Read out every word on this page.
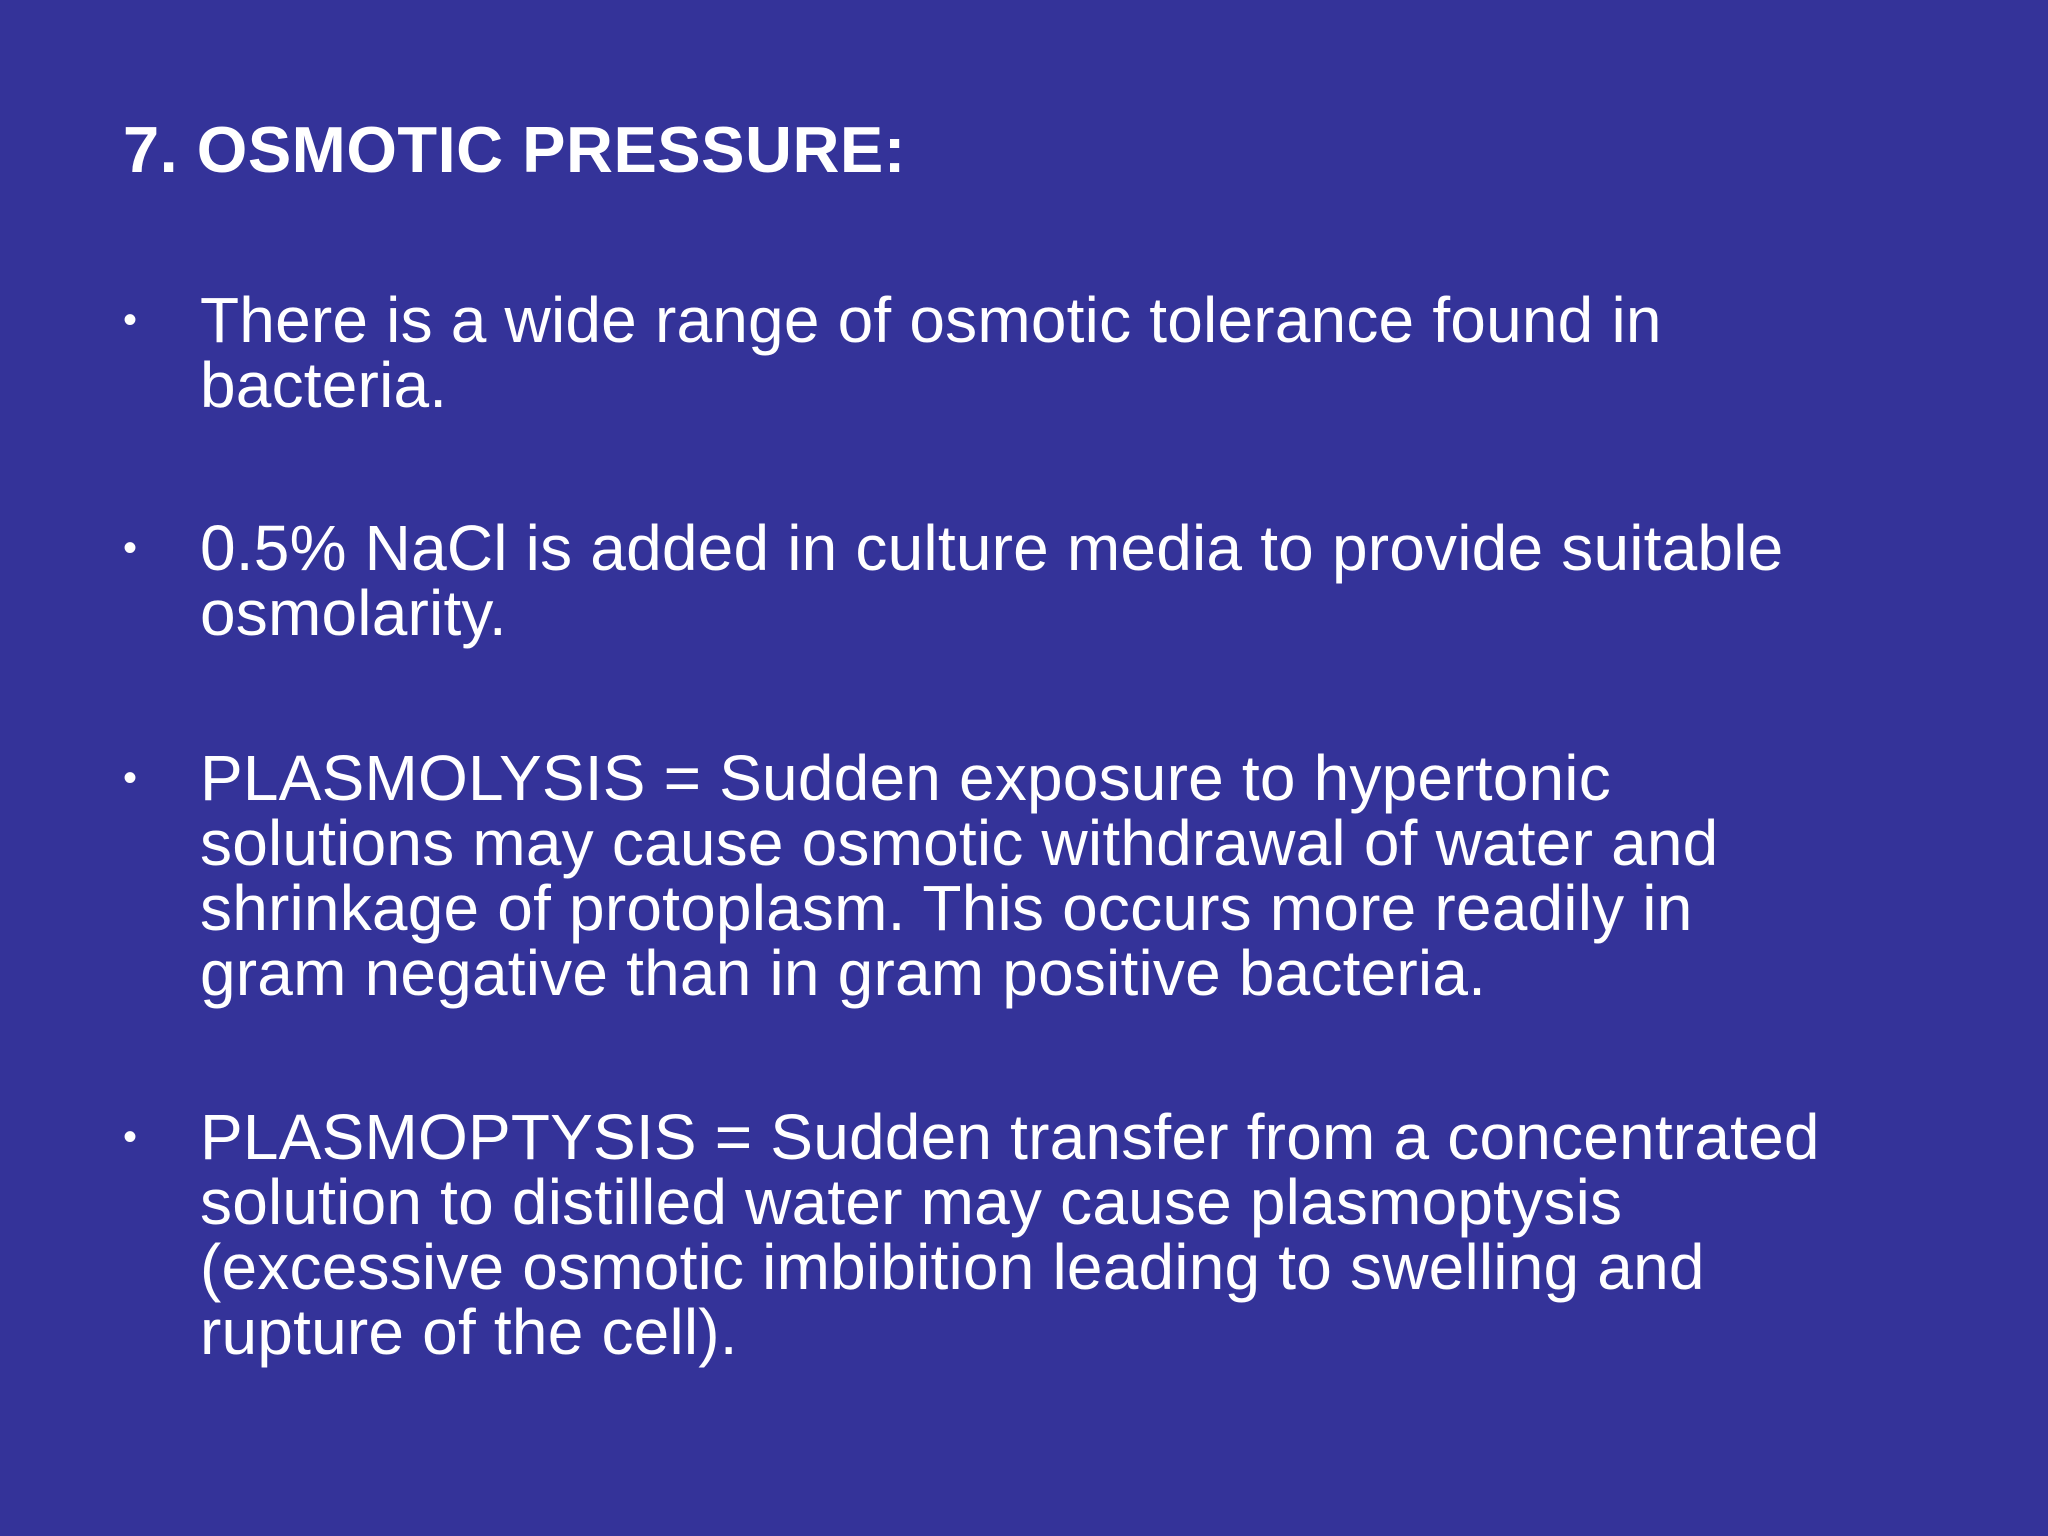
7. OSMOTIC PRESSURE:
• There is a wide range of osmotic tolerance found in
bacteria.
• 0.5% NaCl is added in culture media to provide suitable
osmolarity.
• PLASMOLYSIS = Sudden exposure to hypertonic
solutions may cause osmotic withdrawal of water and
shrinkage of protoplasm. This occurs more readily in
gram negative than in gram positive bacteria.
• PLASMOPTYSIS = Sudden transfer from a concentrated
solution to distilled water may cause plasmoptysis
(excessive osmotic imbibition leading to swelling and
rupture of the cell).
